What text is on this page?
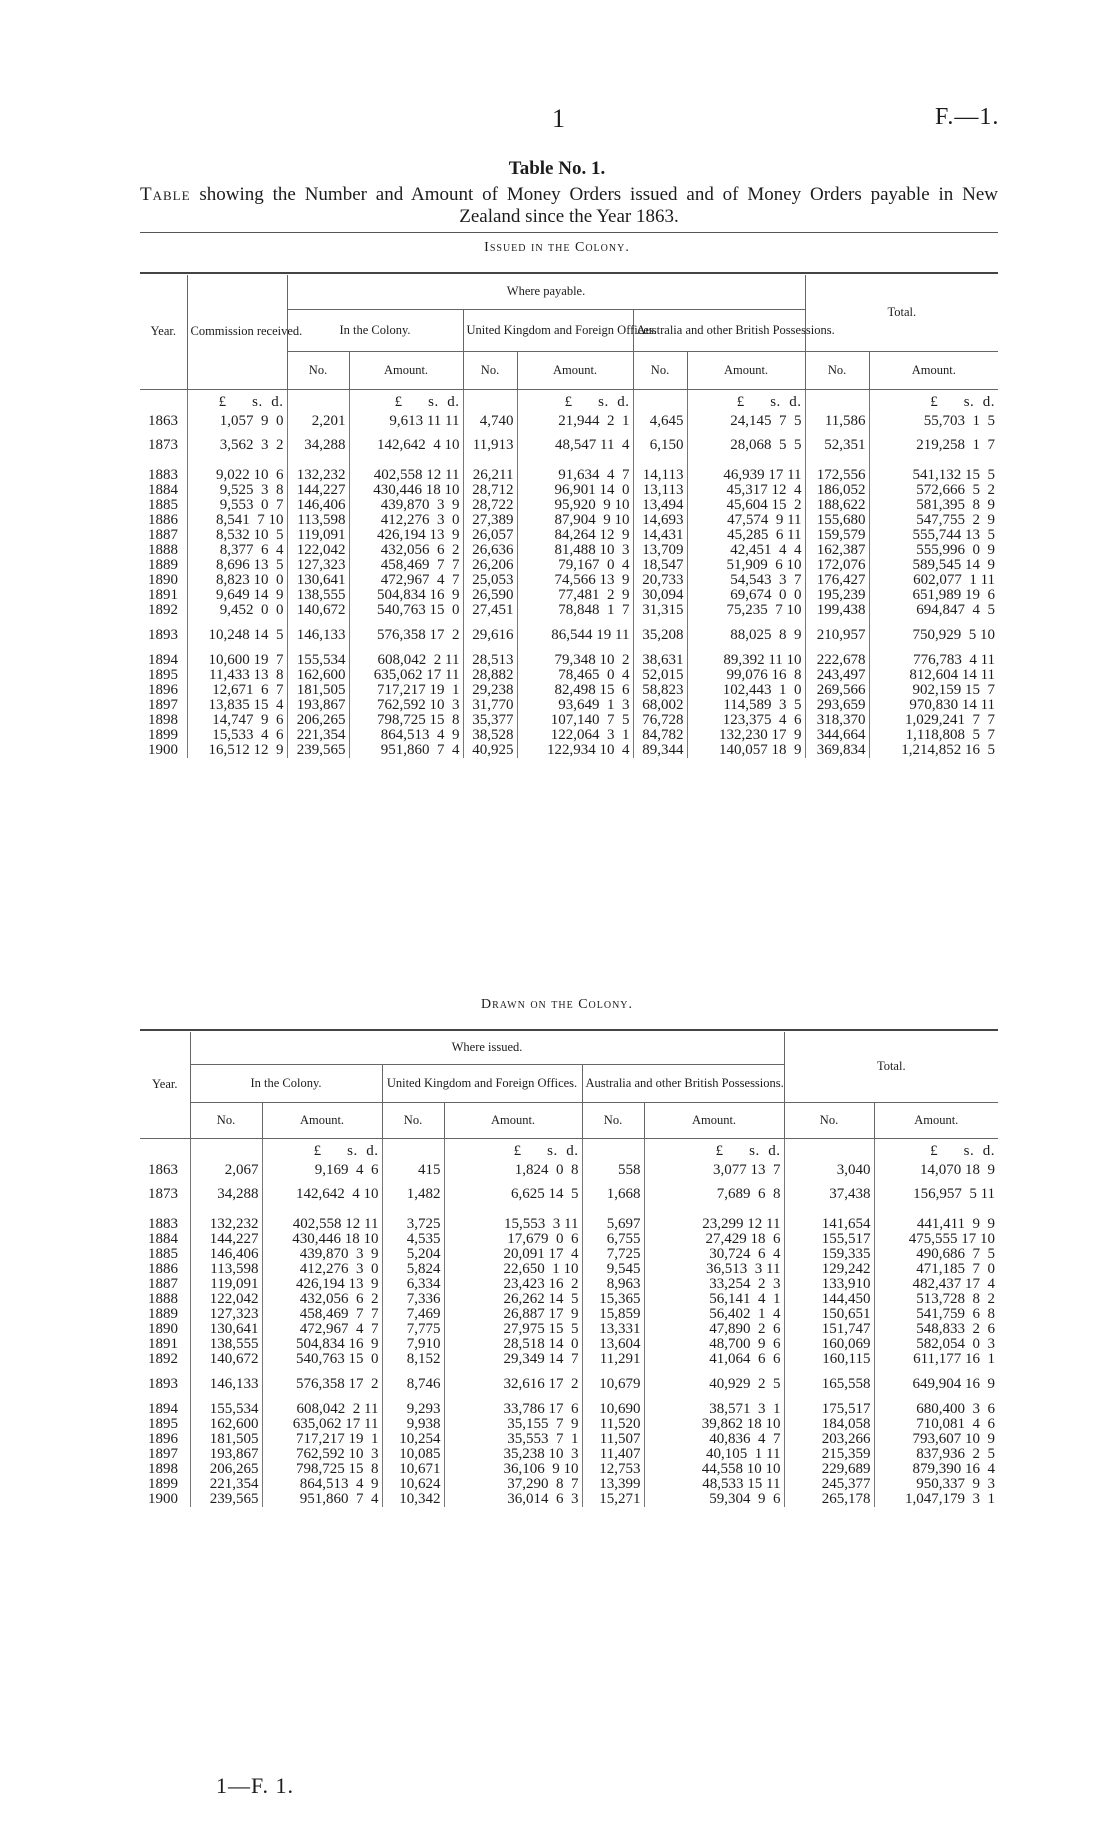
1	F.—1.
Table No. 1.
Table showing the Number and Amount of Money Orders issued and of Money Orders payable in New Zealand since the Year 1863.
Issued in the Colony.
Year.	Commission received.	Where payable.						Total.	
		In the Colony.		United Kingdom and Foreign Offices.		Australia and other British Possessions.			
		No.	Amount.	No.	Amount.	No.	Amount.	No.	Amount.
	£      s.  d.		£      s.  d.		£      s.  d.		£      s.  d.		£      s.  d.
1863	1,057  9  0	2,201	9,613 11 11	4,740	21,944  2  1	4,645	24,145  7  5	11,586	55,703  1  5
1873	3,562  3  2	34,288	142,642  4 10	11,913	48,547 11  4	6,150	28,068  5  5	52,351	219,258  1  7

1883	9,022 10  6	132,232	402,558 12 11	26,211	91,634  4  7	14,113	46,939 17 11	172,556	541,132 15  5
1884	9,525  3  8	144,227	430,446 18 10	28,712	96,901 14  0	13,113	45,317 12  4	186,052	572,666  5  2
1885	9,553  0  7	146,406	439,870  3  9	28,722	95,920  9 10	13,494	45,604 15  2	188,622	581,395  8  9
1886	8,541  7 10	113,598	412,276  3  0	27,389	87,904  9 10	14,693	47,574  9 11	155,680	547,755  2  9
1887	8,532 10  5	119,091	426,194 13  9	26,057	84,264 12  9	14,431	45,285  6 11	159,579	555,744 13  5
1888	8,377  6  4	122,042	432,056  6  2	26,636	81,488 10  3	13,709	42,451  4  4	162,387	555,996  0  9
1889	8,696 13  5	127,323	458,469  7  7	26,206	79,167  0  4	18,547	51,909  6 10	172,076	589,545 14  9
1890	8,823 10  0	130,641	472,967  4  7	25,053	74,566 13  9	20,733	54,543  3  7	176,427	602,077  1 11
1891	9,649 14  9	138,555	504,834 16  9	26,590	77,481  2  9	30,094	69,674  0  0	195,239	651,989 19  6
1892	9,452  0  0	140,672	540,763 15  0	27,451	78,848  1  7	31,315	75,235  7 10	199,438	694,847  4  5

1893	10,248 14  5	146,133	576,358 17  2	29,616	86,544 19 11	35,208	88,025  8  9	210,957	750,929  5 10

1894	10,600 19  7	155,534	608,042  2 11	28,513	79,348 10  2	38,631	89,392 11 10	222,678	776,783  4 11
1895	11,433 13  8	162,600	635,062 17 11	28,882	78,465  0  4	52,015	99,076 16  8	243,497	812,604 14 11
1896	12,671  6  7	181,505	717,217 19  1	29,238	82,498 15  6	58,823	102,443  1  0	269,566	902,159 15  7
1897	13,835 15  4	193,867	762,592 10  3	31,770	93,649  1  3	68,002	114,589  3  5	293,659	970,830 14 11
1898	14,747  9  6	206,265	798,725 15  8	35,377	107,140  7  5	76,728	123,375  4  6	318,370	1,029,241  7  7
1899	15,533  4  6	221,354	864,513  4  9	38,528	122,064  3  1	84,782	132,230 17  9	344,664	1,118,808  5  7
1900	16,512 12  9	239,565	951,860  7  4	40,925	122,934 10  4	89,344	140,057 18  9	369,834	1,214,852 16  5
Drawn on the Colony.
Year.	Where issued.						Total.	
	In the Colony.		United Kingdom and Foreign Offices.		Australia and other British Possessions.			
	No.	Amount.	No.	Amount.	No.	Amount.	No.	Amount.
		£      s.  d.		£      s.  d.		£      s.  d.		£      s.  d.
1863	2,067	9,169  4  6	415	1,824  0  8	558	3,077 13  7	3,040	14,070 18  9
1873	34,288	142,642  4 10	1,482	6,625 14  5	1,668	7,689  6  8	37,438	156,957  5 11

1883	132,232	402,558 12 11	3,725	15,553  3 11	5,697	23,299 12 11	141,654	441,411  9  9
1884	144,227	430,446 18 10	4,535	17,679  0  6	6,755	27,429 18  6	155,517	475,555 17 10
1885	146,406	439,870  3  9	5,204	20,091 17  4	7,725	30,724  6  4	159,335	490,686  7  5
1886	113,598	412,276  3  0	5,824	22,650  1 10	9,545	36,513  3 11	129,242	471,185  7  0
1887	119,091	426,194 13  9	6,334	23,423 16  2	8,963	33,254  2  3	133,910	482,437 17  4
1888	122,042	432,056  6  2	7,336	26,262 14  5	15,365	56,141  4  1	144,450	513,728  8  2
1889	127,323	458,469  7  7	7,469	26,887 17  9	15,859	56,402  1  4	150,651	541,759  6  8
1890	130,641	472,967  4  7	7,775	27,975 15  5	13,331	47,890  2  6	151,747	548,833  2  6
1891	138,555	504,834 16  9	7,910	28,518 14  0	13,604	48,700  9  6	160,069	582,054  0  3
1892	140,672	540,763 15  0	8,152	29,349 14  7	11,291	41,064  6  6	160,115	611,177 16  1

1893	146,133	576,358 17  2	8,746	32,616 17  2	10,679	40,929  2  5	165,558	649,904 16  9

1894	155,534	608,042  2 11	9,293	33,786 17  6	10,690	38,571  3  1	175,517	680,400  3  6
1895	162,600	635,062 17 11	9,938	35,155  7  9	11,520	39,862 18 10	184,058	710,081  4  6
1896	181,505	717,217 19  1	10,254	35,553  7  1	11,507	40,836  4  7	203,266	793,607 10  9
1897	193,867	762,592 10  3	10,085	35,238 10  3	11,407	40,105  1 11	215,359	837,936  2  5
1898	206,265	798,725 15  8	10,671	36,106  9 10	12,753	44,558 10 10	229,689	879,390 16  4
1899	221,354	864,513  4  9	10,624	37,290  8  7	13,399	48,533 15 11	245,377	950,337  9  3
1900	239,565	951,860  7  4	10,342	36,014  6  3	15,271	59,304  9  6	265,178	1,047,179  3  1
1—F. 1.
